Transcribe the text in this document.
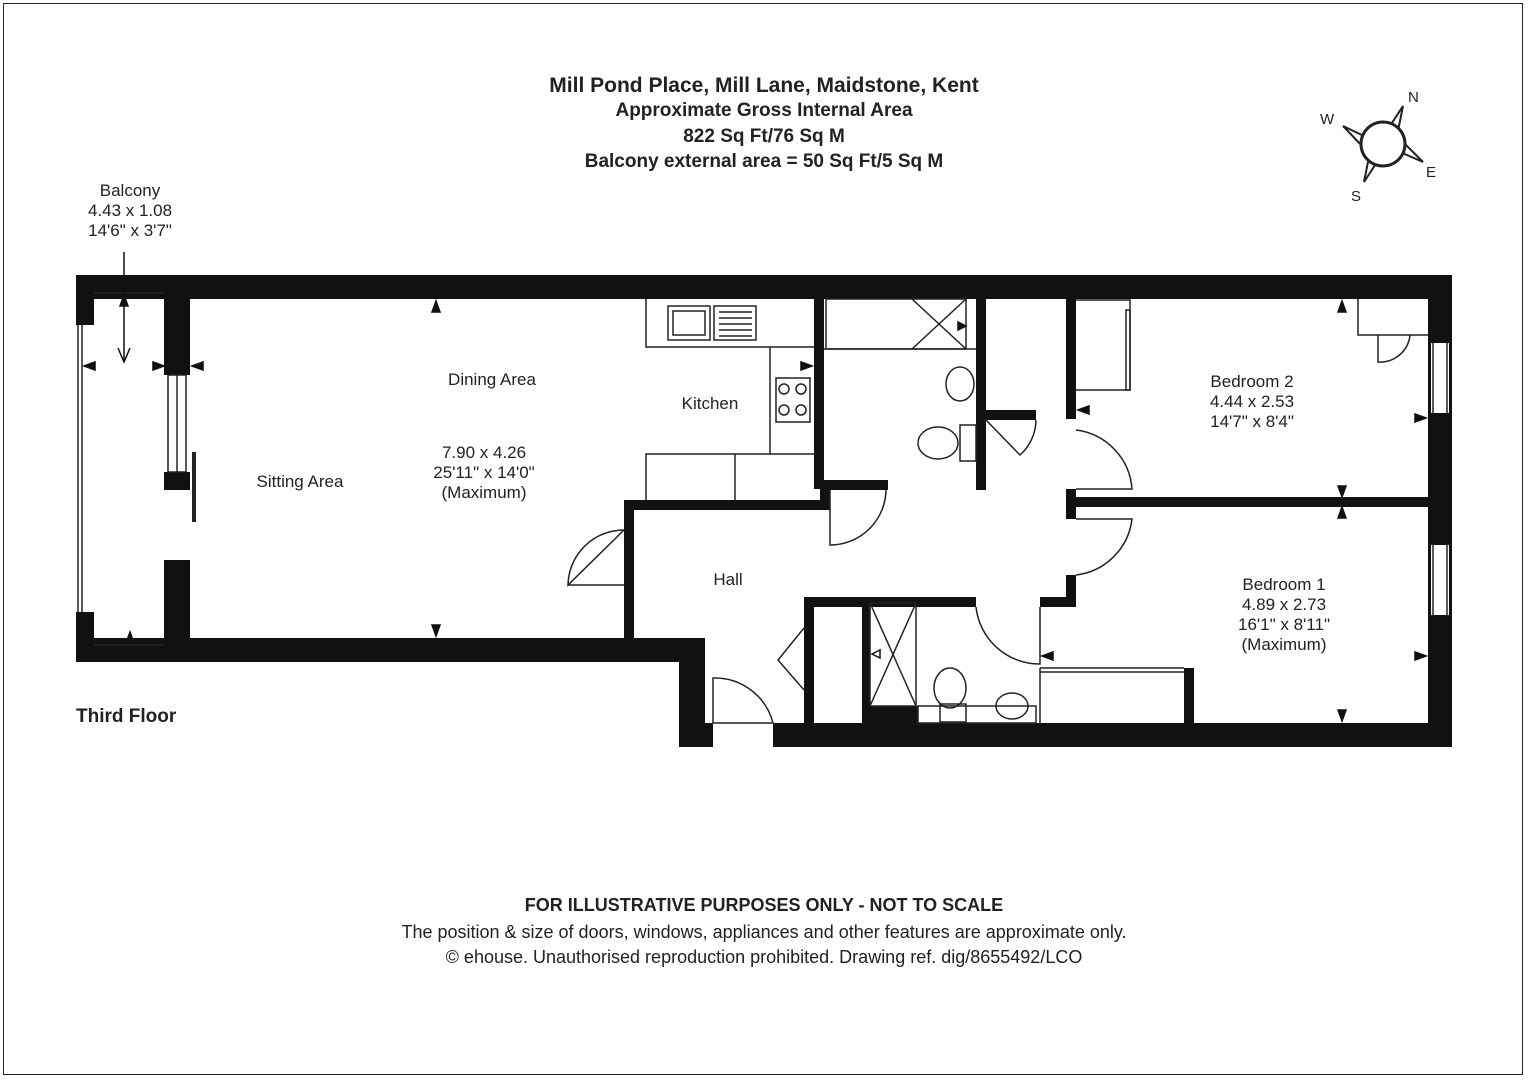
Mill Pond Place, Mill Lane, Maidstone, Kent
Approximate Gross Internal Area
822 Sq Ft/76 Sq M
Balcony external area = 50 Sq Ft/5 Sq M
N
E
S
W
Balcony
4.43 x 1.08
14'6" x 3'7"
Dining Area
7.90 x 4.26
25'11" x 14'0"
(Maximum)
Sitting Area
Kitchen
Hall
Bedroom 2
4.44 x 2.53
14'7" x 8'4"
Bedroom 1
4.89 x 2.73
16'1" x 8'11"
(Maximum)
Third Floor
FOR ILLUSTRATIVE PURPOSES ONLY - NOT TO SCALE
The position & size of doors, windows, appliances and other features are approximate only.
© ehouse. Unauthorised reproduction prohibited. Drawing ref. dig/8655492/LCO
